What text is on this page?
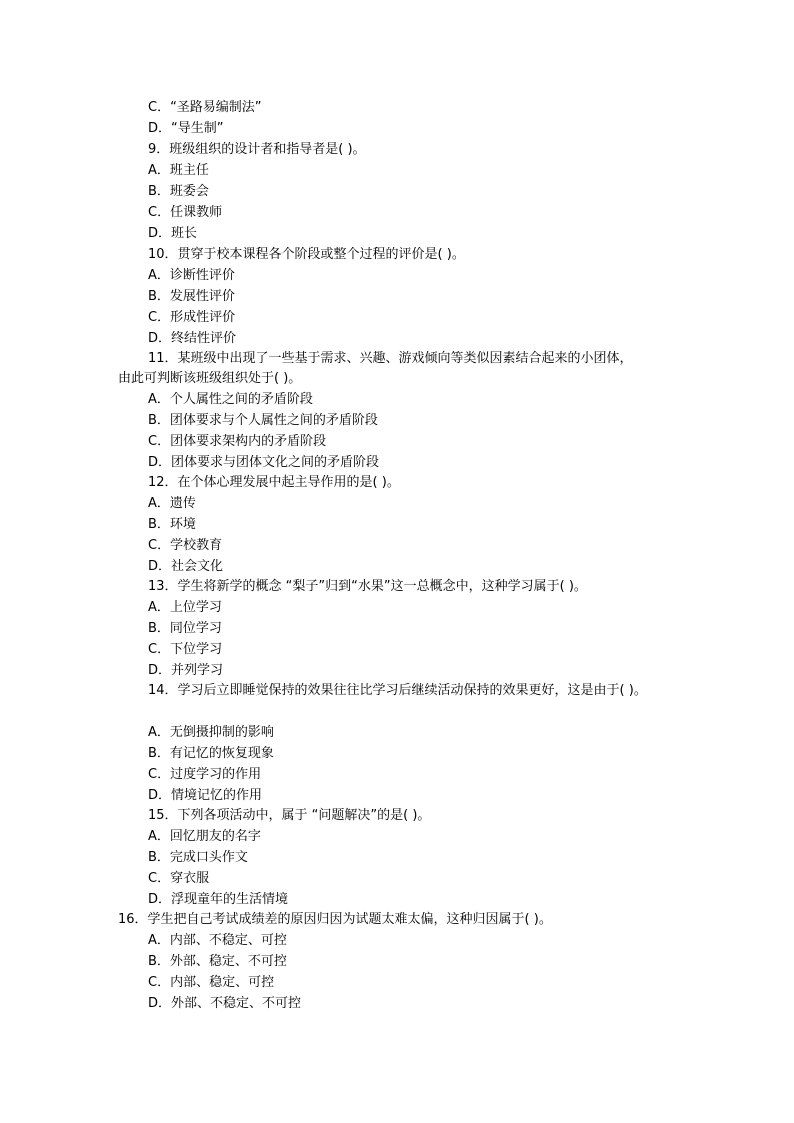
C．“圣路易编制法”
D．“导生制”
9．班级组织的设计者和指导者是( )。
A．班主任
B．班委会
C．任课教师
D．班长
10．贯穿于校本课程各个阶段或整个过程的评价是( )。
A．诊断性评价
B．发展性评价
C．形成性评价
D．终结性评价
11．某班级中出现了一些基于需求、兴趣、游戏倾向等类似因素结合起来的小团体，
由此可判断该班级组织处于( )。
A．个人属性之间的矛盾阶段
B．团体要求与个人属性之间的矛盾阶段
C．团体要求架构内的矛盾阶段
D．团体要求与团体文化之间的矛盾阶段
12．在个体心理发展中起主导作用的是( )。
A．遗传
B．环境
C．学校教育
D．社会文化
13．学生将新学的概念 “梨子”归到“水果”这一总概念中，这种学习属于( )。
A．上位学习
B．同位学习
C．下位学习
D．并列学习
14．学习后立即睡觉保持的效果往往比学习后继续活动保持的效果更好，这是由于( )。
A．无倒摄抑制的影响
B．有记忆的恢复现象
C．过度学习的作用
D．情境记忆的作用
15．下列各项活动中，属于 “问题解决”的是( )。
A．回忆朋友的名字
B．完成口头作文
C．穿衣服
D．浮现童年的生活情境
16．学生把自己考试成绩差的原因归因为试题太难太偏，这种归因属于( )。
A．内部、不稳定、可控
B．外部、稳定、不可控
C．内部、稳定、可控
D．外部、不稳定、不可控
